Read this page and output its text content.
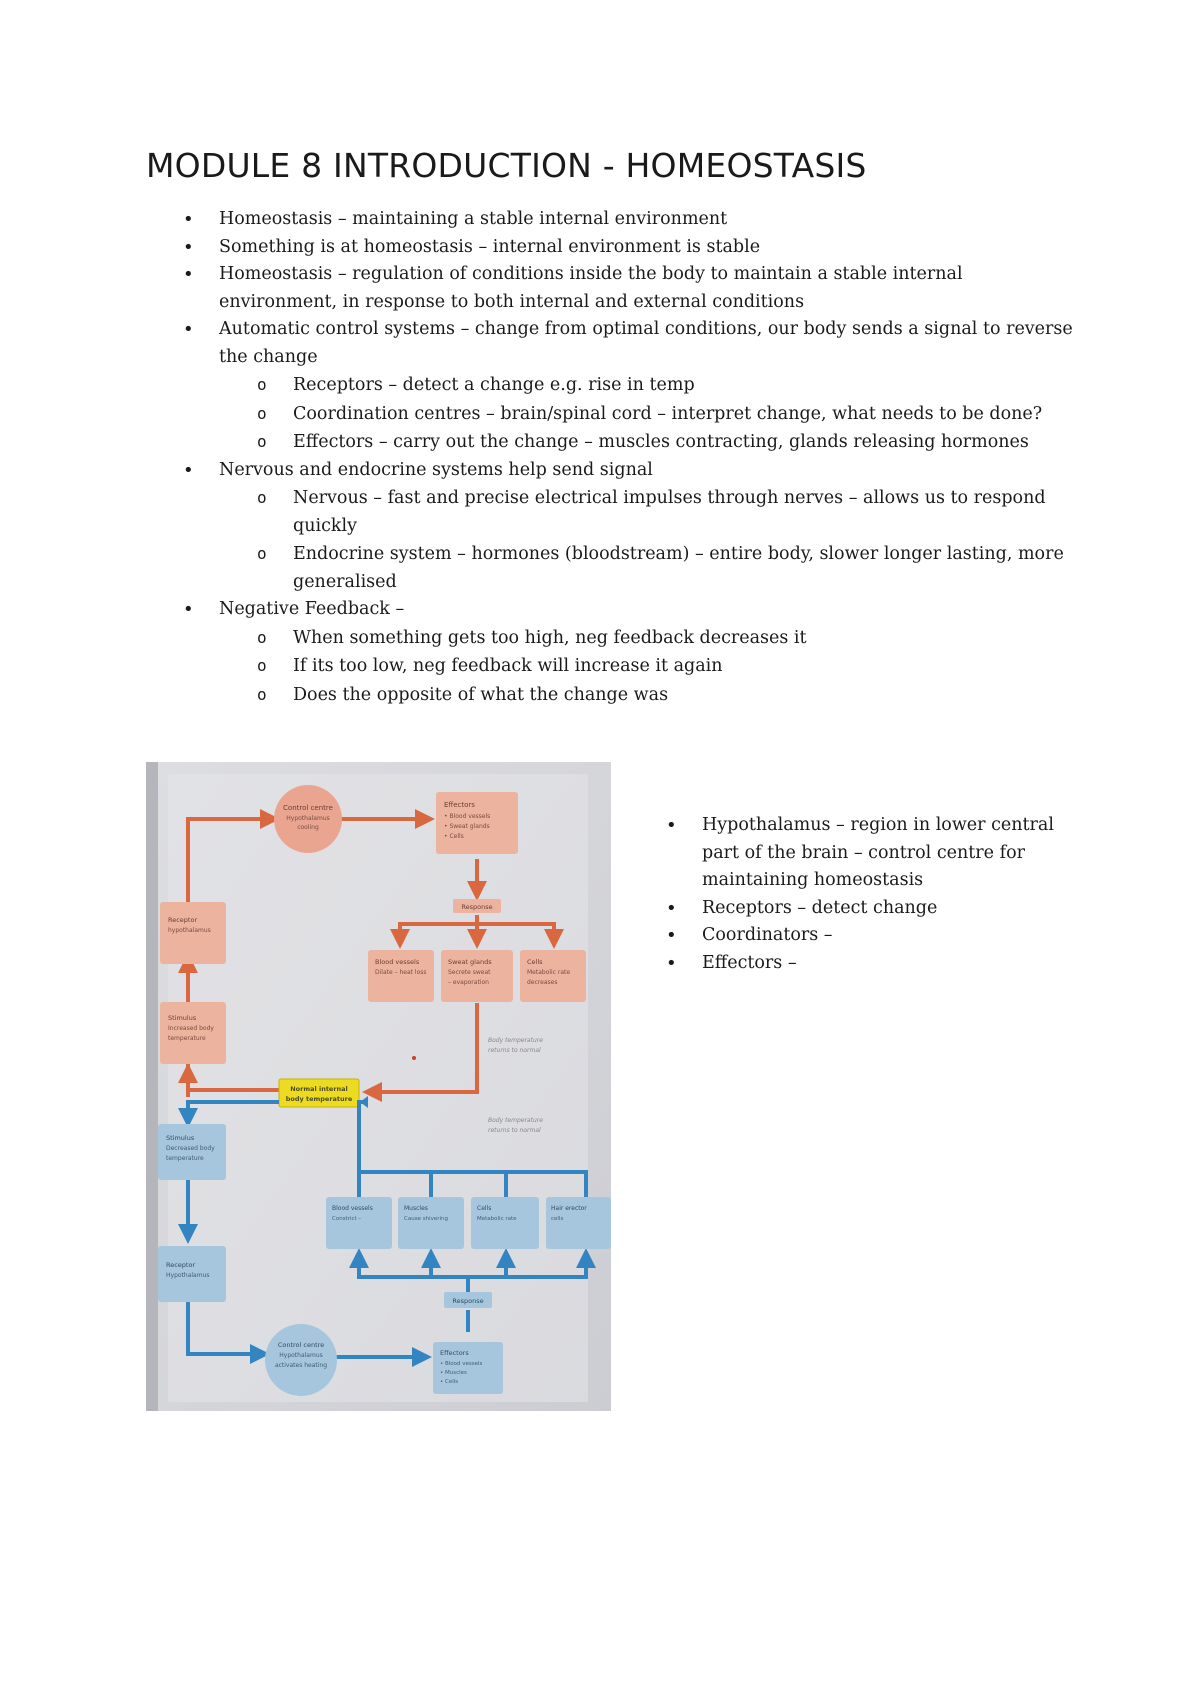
MODULE 8 INTRODUCTION - HOMEOSTASIS
• Homeostasis – maintaining a stable internal environment
• Something is at homeostasis – internal environment is stable
• Homeostasis – regulation of conditions inside the body to maintain a stable internal environment, in response to both internal and external conditions
• Automatic control systems – change from optimal conditions, our body sends a signal to reverse the change
o Receptors – detect a change e.g. rise in temp
o Coordination centres – brain/spinal cord – interpret change, what needs to be done?
o Effectors – carry out the change – muscles contracting, glands releasing hormones
• Nervous and endocrine systems help send signal
o Nervous – fast and precise electrical impulses through nerves – allows us to respond quickly
o Endocrine system – hormones (bloodstream) – entire body, slower longer lasting, more generalised
• Negative Feedback –
o When something gets too high, neg feedback decreases it
o If its too low, neg feedback will increase it again
o Does the opposite of what the change was
Control centre
Hypothalamus
cooling
Effectors
• Blood vessels
• Sweat glands
• Cells
Response
Blood vessels
Dilate – heat loss
Sweat glands
Secrete sweat
– evaporation
Cells
Metabolic rate
decreases
Receptor
hypothalamus
Stimulus
Increased body
temperature	Body temperature
returns to normal
Normal internal
body temperature
Stimulus
Decreased body
temperature
Receptor
Hypothalamus
Control centre
Hypothalamus
activates heating
Effectors
• Blood vessels
• Muscles
• Cells
Response
Blood vessels
Constrict –
Muscles
Cause shivering
Cells
Metabolic rate
Hair erector
cells
Body temperature
returns to normal
• Hypothalamus – region in lower central part of the brain – control centre for maintaining homeostasis
• Receptors – detect change
• Coordinators –
• Effectors –
